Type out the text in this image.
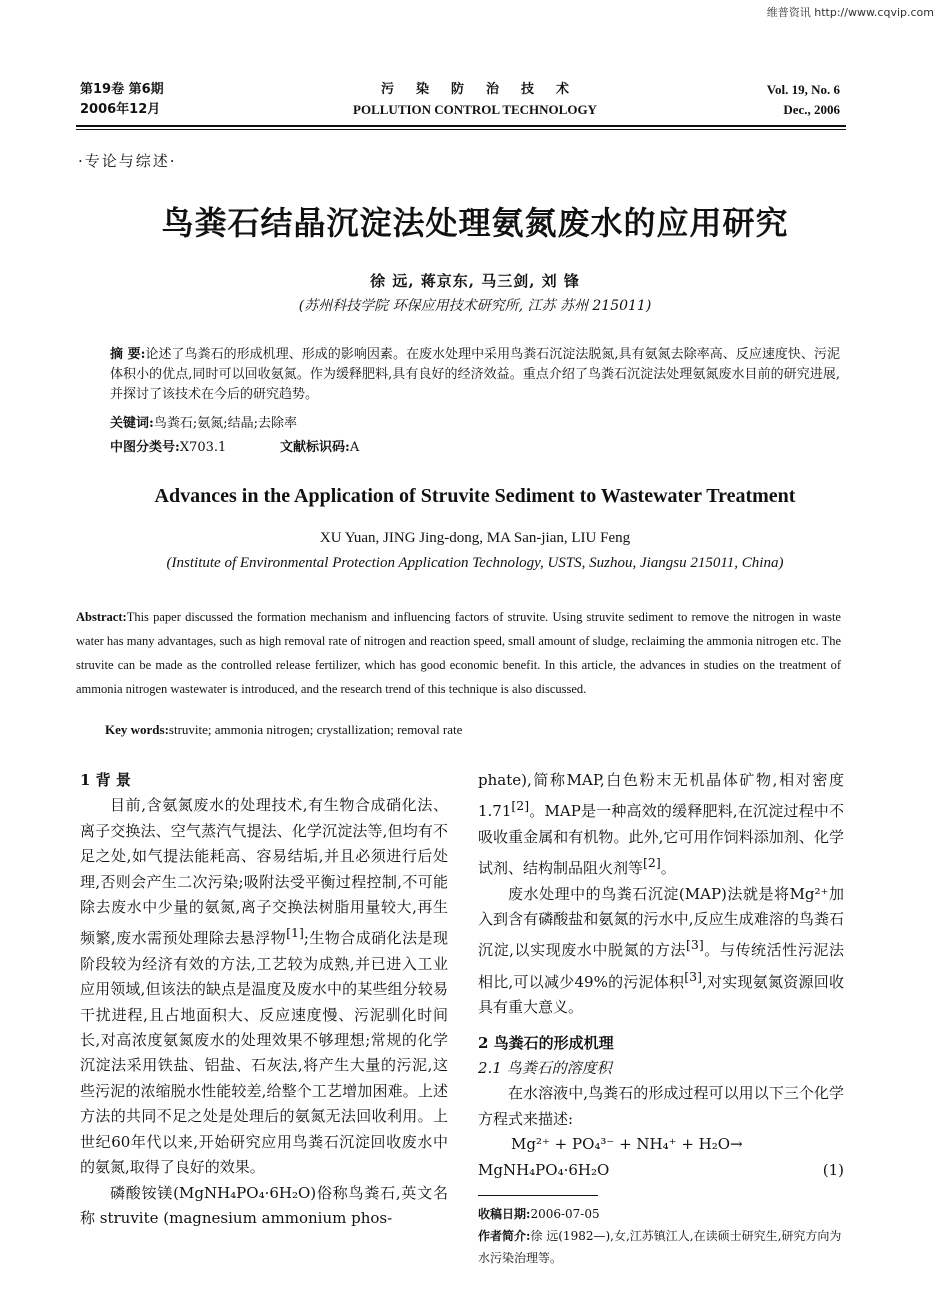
维普资讯 http://www.cqvip.com
第19卷 第6期
2006年12月
污染防治技术
POLLUTION CONTROL TECHNOLOGY
Vol. 19, No. 6
Dec., 2006
·专论与综述·
鸟粪石结晶沉淀法处理氨氮废水的应用研究
徐 远, 蒋京东, 马三剑, 刘 锋
(苏州科技学院 环保应用技术研究所, 江苏 苏州 215011)
摘 要:论述了鸟粪石的形成机理、形成的影响因素。在废水处理中采用鸟粪石沉淀法脱氮,具有氨氮去除率高、反应速度快、污泥体积小的优点,同时可以回收氨氮。作为缓释肥料,具有良好的经济效益。重点介绍了鸟粪石沉淀法处理氨氮废水目前的研究进展,并探讨了该技术在今后的研究趋势。
关键词:鸟粪石;氨氮;结晶;去除率
中图分类号:X703.1	文献标识码:A
Advances in the Application of Struvite Sediment to Wastewater Treatment
XU Yuan, JING Jing-dong, MA San-jian, LIU Feng
(Institute of Environmental Protection Application Technology, USTS, Suzhou, Jiangsu 215011, China)
Abstract:This paper discussed the formation mechanism and influencing factors of struvite. Using struvite sediment to remove the nitrogen in waste water has many advantages, such as high removal rate of nitrogen and reaction speed, small amount of sludge, reclaiming the ammonia nitrogen etc. The struvite can be made as the controlled release fertilizer, which has good economic benefit. In this article, the advances in studies on the treatment of ammonia nitrogen wastewater is introduced, and the research trend of this technique is also discussed.
Key words:struvite; ammonia nitrogen; crystallization; removal rate

1 背 景

目前,含氨氮废水的处理技术,有生物合成硝化法、离子交换法、空气蒸汽气提法、化学沉淀法等,但均有不足之处,如气提法能耗高、容易结垢,并且必须进行后处理,否则会产生二次污染;吸附法受平衡过程控制,不可能除去废水中少量的氨氮,离子交换法树脂用量较大,再生频繁,废水需预处理除去悬浮物[1];生物合成硝化法是现阶段较为经济有效的方法,工艺较为成熟,并已进入工业应用领域,但该法的缺点是温度及废水中的某些组分较易干扰进程,且占地面积大、反应速度慢、污泥驯化时间长,对高浓度氨氮废水的处理效果不够理想;常规的化学沉淀法采用铁盐、铝盐、石灰法,将产生大量的污泥,这些污泥的浓缩脱水性能较差,给整个工艺增加困难。上述方法的共同不足之处是处理后的氨氮无法回收利用。上世纪60年代以来,开始研究应用鸟粪石沉淀回收废水中的氨氮,取得了良好的效果。

磷酸铵镁(MgNH₄PO₄·6H₂O)俗称鸟粪石,英文名称 struvite (magnesium ammonium phos-

phate),简称MAP,白色粉末无机晶体矿物,相对密度1.71[2]。MAP是一种高效的缓释肥料,在沉淀过程中不吸收重金属和有机物。此外,它可用作饲料添加剂、化学试剂、结构制品阻火剂等[2]。

废水处理中的鸟粪石沉淀(MAP)法就是将Mg²⁺加入到含有磷酸盐和氨氮的污水中,反应生成难溶的鸟粪石沉淀,以实现废水中脱氮的方法[3]。与传统活性污泥法相比,可以减少49%的污泥体积[3],对实现氨氮资源回收具有重大意义。

2 鸟粪石的形成机理

2.1 鸟粪石的溶度积

在水溶液中,鸟粪石的形成过程可以用以下三个化学方程式来描述:

Mg²⁺ + PO₄³⁻ + NH₄⁺ + H₂O→

MgNH₄PO₄·6H₂O	(1)
收稿日期:2006-07-05
作者简介:徐 远(1982—),女,江苏镇江人,在读硕士研究生,研究方向为水污染治理等。
